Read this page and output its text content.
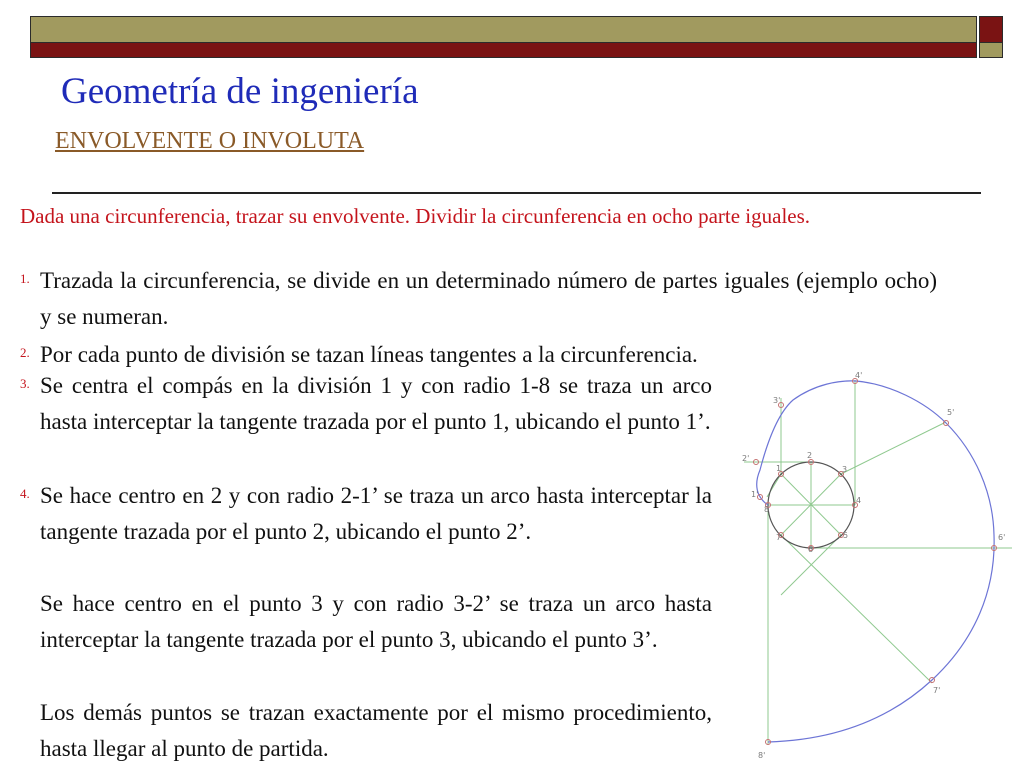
Geometría de ingeniería
ENVOLVENTE O INVOLUTA
Dada una circunferencia, trazar su envolvente. Dividir la circunferencia en ocho parte iguales.
1. Trazada la circunferencia, se divide en un determinado número de partes iguales (ejemplo ocho) y se numeran.
2. Por cada punto de división se tazan líneas tangentes a la circunferencia.
3. Se centra el compás en la división 1 y con radio 1-8 se traza un arco hasta interceptar la tangente trazada por el punto 1, ubicando el punto 1’.
4. Se hace centro en 2 y con radio 2-1’ se traza un arco hasta interceptar la tangente trazada por el punto 2, ubicando el punto 2’.
Se hace centro en el punto 3 y con radio 3-2’ se traza un arco hasta interceptar la tangente trazada por el punto 3, ubicando el punto 3’.
Los demás puntos se trazan exactamente por el mismo procedimiento, hasta llegar al punto de partida.
1
2
3
4
5
6
7
8
1'
2'
3'
4'
5'
6'
7'
8'
